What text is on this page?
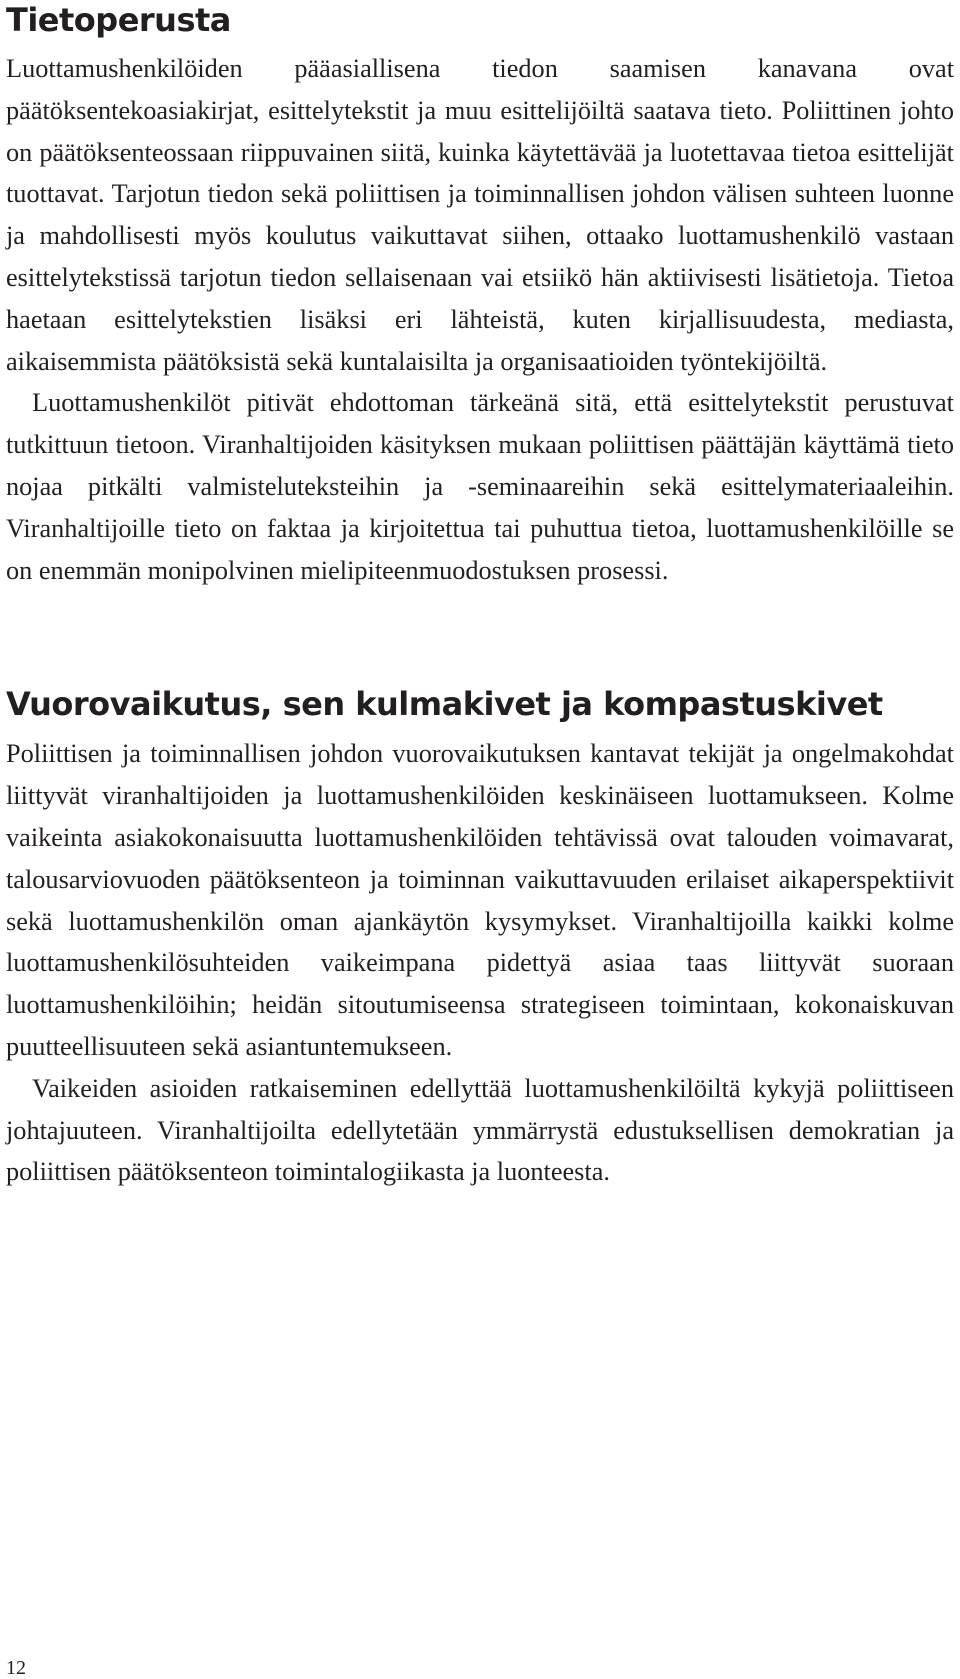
Tietoperusta

Luottamushenkilöiden pääasiallisena tiedon saamisen kanavana ovat päätöksentekoasiakirjat, esittelytekstit ja muu esittelijöiltä saatava tieto. Poliittinen johto on päätöksenteossaan riippuvainen siitä, kuinka käytettävää ja luotettavaa tietoa esittelijät tuottavat. Tarjotun tiedon sekä poliittisen ja toiminnallisen johdon välisen suhteen luonne ja mahdollisesti myös koulutus vaikuttavat siihen, ottaako luottamushenkilö vastaan esittelytekstissä tarjotun tiedon sellaisenaan vai etsiikö hän aktiivisesti lisätietoja. Tietoa haetaan esittelytekstien lisäksi eri lähteistä, kuten kirjallisuudesta, mediasta, aikaisemmista päätöksistä sekä kuntalaisilta ja organisaatioiden työntekijöiltä.

Luottamushenkilöt pitivät ehdottoman tärkeänä sitä, että esittelytekstit perustuvat tutkittuun tietoon. Viranhaltijoiden käsityksen mukaan poliittisen päättäjän käyttämä tieto nojaa pitkälti valmisteluteksteihin ja -seminaareihin sekä esittelymateriaaleihin. Viranhaltijoille tieto on faktaa ja kirjoitettua tai puhuttua tietoa, luottamushenkilöille se on enemmän monipolvinen mielipiteenmuodostuksen prosessi.

Vuorovaikutus, sen kulmakivet ja kompastuskivet

Poliittisen ja toiminnallisen johdon vuorovaikutuksen kantavat tekijät ja ongelmakohdat liittyvät viranhaltijoiden ja luottamushenkilöiden keskinäiseen luottamukseen. Kolme vaikeinta asiakokonaisuutta luottamushenkilöiden tehtävissä ovat talouden voimavarat, talousarviovuoden päätöksenteon ja toiminnan vaikuttavuuden erilaiset aikaperspektiivit sekä luottamushenkilön oman ajankäytön kysymykset. Viranhaltijoilla kaikki kolme luottamushenkilösuhteiden vaikeimpana pidettyä asiaa taas liittyvät suoraan luottamushenkilöihin; heidän sitoutumiseensa strategiseen toimintaan, kokonaiskuvan puutteellisuuteen sekä asiantuntemukseen.

Vaikeiden asioiden ratkaiseminen edellyttää luottamushenkilöiltä kykyjä poliittiseen johtajuuteen. Viranhaltijoilta edellytetään ymmärrystä edustuksellisen demokratian ja poliittisen päätöksenteon toimintalogiikasta ja luonteesta.

12
